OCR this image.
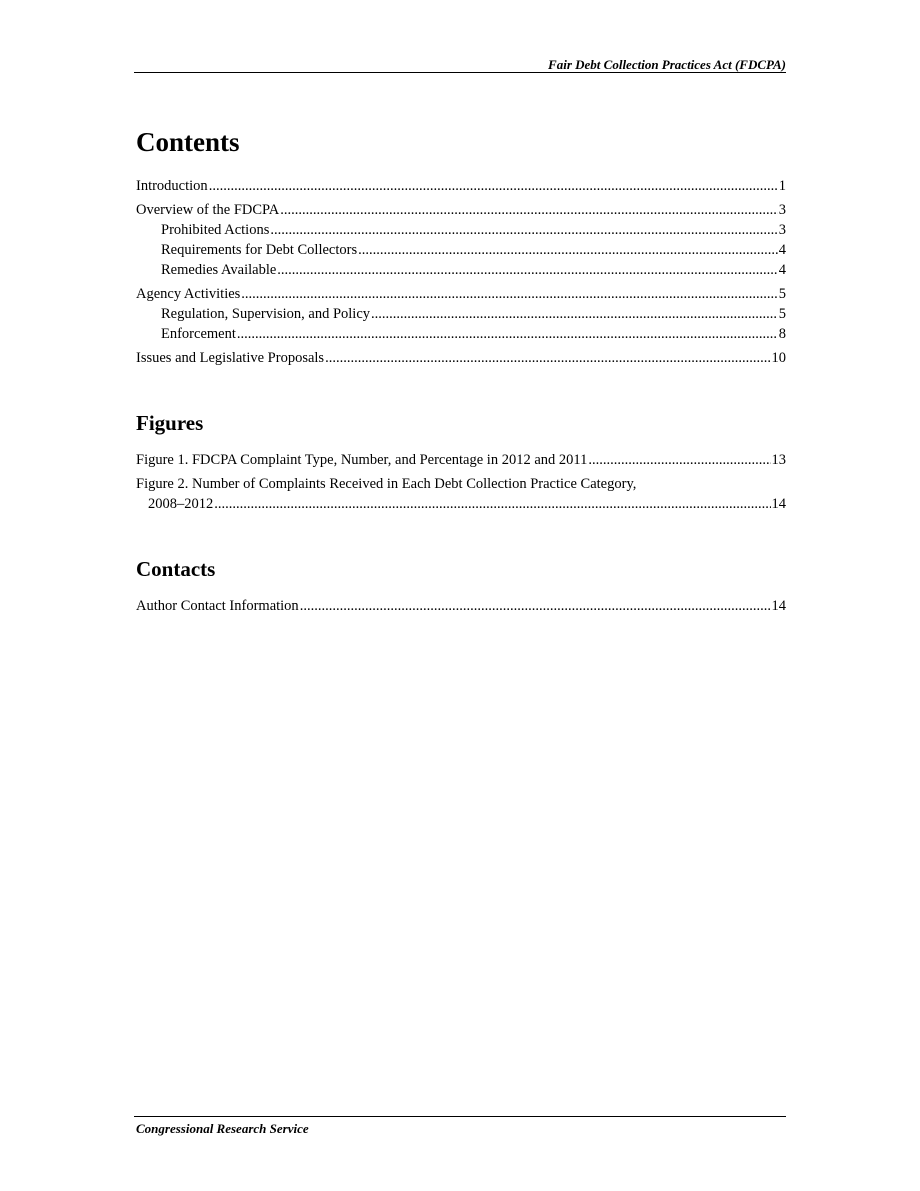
Fair Debt Collection Practices Act (FDCPA)
Contents
Introduction .....	1
Overview of the FDCPA .....	3
Prohibited Actions .....	3
Requirements for Debt Collectors .....	4
Remedies Available .....	4
Agency Activities .....	5
Regulation, Supervision, and Policy .....	5
Enforcement .....	8
Issues and Legislative Proposals .....	10
Figures
Figure 1. FDCPA Complaint Type, Number, and Percentage in 2012 and 2011 .....	13
Figure 2. Number of Complaints Received in Each Debt Collection Practice Category,
2008–2012 .....	14
Contacts
Author Contact Information .....	14
Congressional Research Service
